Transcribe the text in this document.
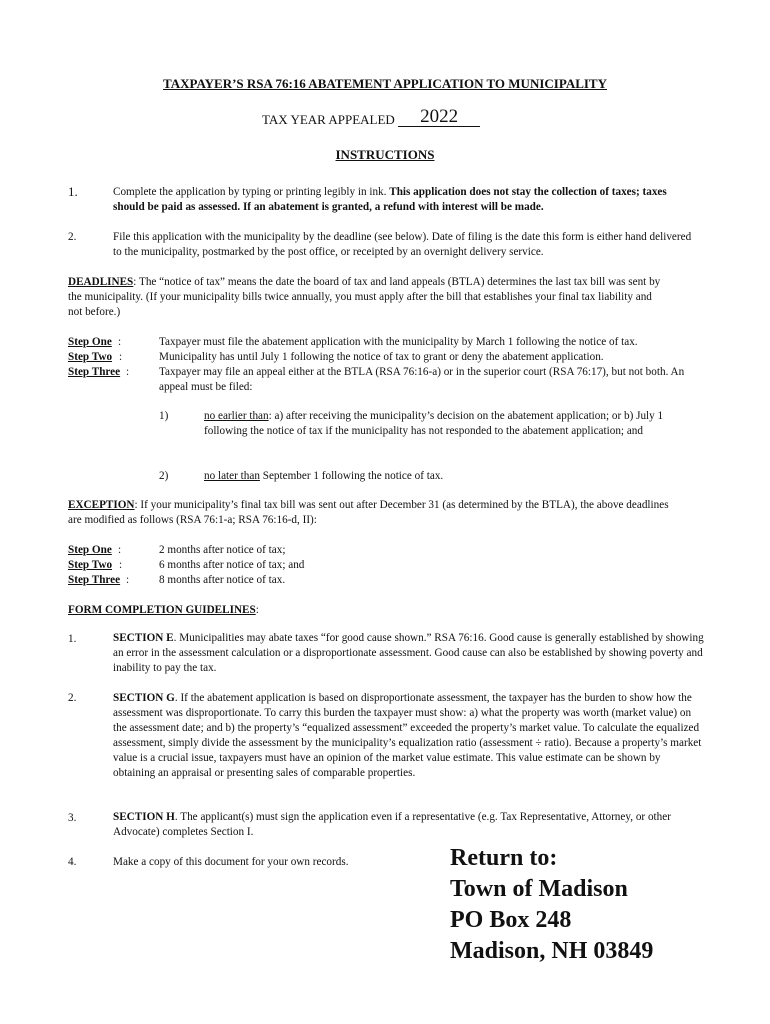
TAXPAYER’S RSA 76:16 ABATEMENT APPLICATION TO MUNICIPALITY
TAX YEAR APPEALED 2022
INSTRUCTIONS
1.	Complete the application by typing or printing legibly in ink. This application does not stay the collection of taxes; taxes should be paid as assessed. If an abatement is granted, a refund with interest will be made.
2.	File this application with the municipality by the deadline (see below). Date of filing is the date this form is either hand delivered to the municipality, postmarked by the post office, or receipted by an overnight delivery service.
DEADLINES: The “notice of tax” means the date the board of tax and land appeals (BTLA) determines the last tax bill was sent by the municipality. (If your municipality bills twice annually, you must apply after the bill that establishes your final tax liability and not before.)
Step One :	Taxpayer must file the abatement application with the municipality by March 1 following the notice of tax.
Step Two :	Municipality has until July 1 following the notice of tax to grant or deny the abatement application.
Step Three :	Taxpayer may file an appeal either at the BTLA (RSA 76:16-a) or in the superior court (RSA 76:17), but not both. An appeal must be filed:
1)	no earlier than: a) after receiving the municipality’s decision on the abatement application; or b) July 1 following the notice of tax if the municipality has not responded to the abatement application; and
2)	no later than September 1 following the notice of tax.
EXCEPTION: If your municipality’s final tax bill was sent out after December 31 (as determined by the BTLA), the above deadlines are modified as follows (RSA 76:1-a; RSA 76:16-d, II):
Step One :	2 months after notice of tax;
Step Two :	6 months after notice of tax; and
Step Three :	8 months after notice of tax.
FORM COMPLETION GUIDELINES:
1.	SECTION E. Municipalities may abate taxes “for good cause shown.” RSA 76:16. Good cause is generally established by showing an error in the assessment calculation or a disproportionate assessment. Good cause can also be established by showing poverty and inability to pay the tax.
2.	SECTION G. If the abatement application is based on disproportionate assessment, the taxpayer has the burden to show how the assessment was disproportionate. To carry this burden the taxpayer must show: a) what the property was worth (market value) on the assessment date; and b) the property’s “equalized assessment” exceeded the property’s market value. To calculate the equalized assessment, simply divide the assessment by the municipality’s equalization ratio (assessment ÷ ratio). Because a property’s market value is a crucial issue, taxpayers must have an opinion of the market value estimate. This value estimate can be shown by obtaining an appraisal or presenting sales of comparable properties.
3.	SECTION H. The applicant(s) must sign the application even if a representative (e.g. Tax Representative, Attorney, or other Advocate) completes Section I.
4.	Make a copy of this document for your own records.	Return to:
Town of Madison
PO Box 248
Madison, NH 03849
